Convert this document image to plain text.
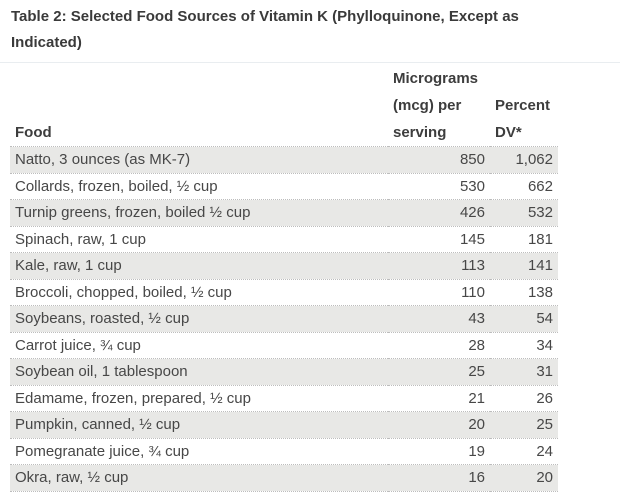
Table 2: Selected Food Sources of Vitamin K (Phylloquinone, Except as Indicated)
Food	Micrograms (mcg) per serving	Percent DV*
Natto, 3 ounces (as MK-7)	850	1,062
Collards, frozen, boiled, ½ cup	530	662
Turnip greens, frozen, boiled ½ cup	426	532
Spinach, raw, 1 cup	145	181
Kale, raw, 1 cup	113	141
Broccoli, chopped, boiled, ½ cup	110	138
Soybeans, roasted, ½ cup	43	54
Carrot juice, ¾ cup	28	34
Soybean oil, 1 tablespoon	25	31
Edamame, frozen, prepared, ½ cup	21	26
Pumpkin, canned, ½ cup	20	25
Pomegranate juice, ¾ cup	19	24
Okra, raw, ½ cup	16	20
